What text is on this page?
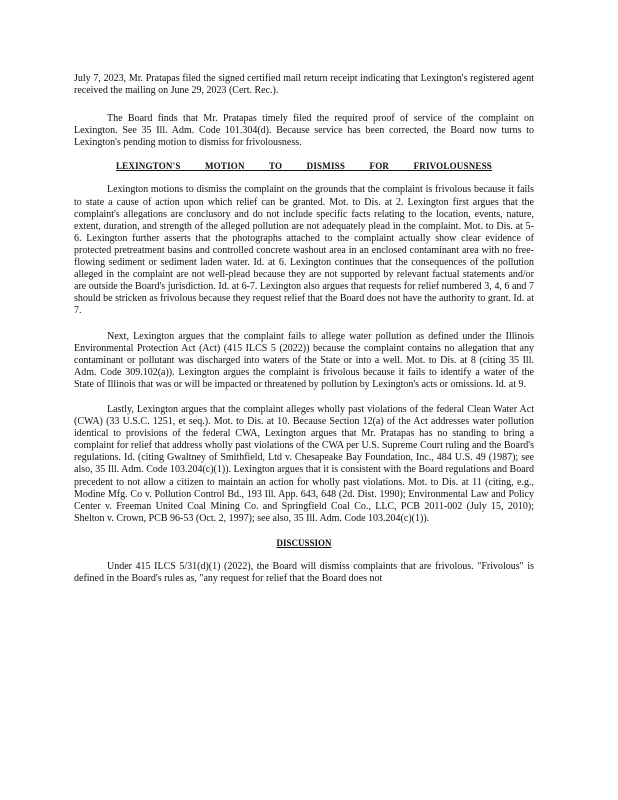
July 7, 2023, Mr. Pratapas filed the signed certified mail return receipt indicating that Lexington's registered agent received the mailing on June 29, 2023 (Cert. Rec.).

The Board finds that Mr. Pratapas timely filed the required proof of service of the complaint on Lexington. See 35 Ill. Adm. Code 101.304(d). Because service has been corrected, the Board now turns to Lexington's pending motion to dismiss for frivolousness.

LEXINGTON'S MOTION TO DISMISS FOR FRIVOLOUSNESS

Lexington motions to dismiss the complaint on the grounds that the complaint is frivolous because it fails to state a cause of action upon which relief can be granted. Mot. to Dis. at 2. Lexington first argues that the complaint's allegations are conclusory and do not include specific facts relating to the location, events, nature, extent, duration, and strength of the alleged pollution are not adequately plead in the complaint. Mot. to Dis. at 5-6. Lexington further asserts that the photographs attached to the complaint actually show clear evidence of protected pretreatment basins and controlled concrete washout area in an enclosed contaminant area with no free-flowing sediment or sediment laden water. Id. at 6. Lexington continues that the consequences of the pollution alleged in the complaint are not well-plead because they are not supported by relevant factual statements and/or are outside the Board's jurisdiction. Id. at 6-7. Lexington also argues that requests for relief numbered 3, 4, 6 and 7 should be stricken as frivolous because they request relief that the Board does not have the authority to grant. Id. at 7.

Next, Lexington argues that the complaint fails to allege water pollution as defined under the Illinois Environmental Protection Act (Act) (415 ILCS 5 (2022)) because the complaint contains no allegation that any contaminant or pollutant was discharged into waters of the State or into a well. Mot. to Dis. at 8 (citing 35 Ill. Adm. Code 309.102(a)). Lexington argues the complaint is frivolous because it fails to identify a water of the State of Illinois that was or will be impacted or threatened by pollution by Lexington's acts or omissions. Id. at 9.

Lastly, Lexington argues that the complaint alleges wholly past violations of the federal Clean Water Act (CWA) (33 U.S.C. 1251, et seq.). Mot. to Dis. at 10. Because Section 12(a) of the Act addresses water pollution identical to provisions of the federal CWA, Lexington argues that Mr. Pratapas has no standing to bring a complaint for relief that address wholly past violations of the CWA per U.S. Supreme Court ruling and the Board's regulations. Id. (citing Gwaltney of Smithfield, Ltd v. Chesapeake Bay Foundation, Inc., 484 U.S. 49 (1987); see also, 35 Ill. Adm. Code 103.204(c)(1)). Lexington argues that it is consistent with the Board regulations and Board precedent to not allow a citizen to maintain an action for wholly past violations. Mot. to Dis. at 11 (citing, e.g., Modine Mfg. Co v. Pollution Control Bd., 193 Ill. App. 643, 648 (2d. Dist. 1990); Environmental Law and Policy Center v. Freeman United Coal Mining Co. and Springfield Coal Co., LLC, PCB 2011-002 (July 15, 2010); Shelton v. Crown, PCB 96-53 (Oct. 2, 1997); see also, 35 Ill. Adm. Code 103.204(c)(1)).

DISCUSSION

Under 415 ILCS 5/31(d)(1) (2022), the Board will dismiss complaints that are frivolous. "Frivolous" is defined in the Board's rules as, "any request for relief that the Board does not
